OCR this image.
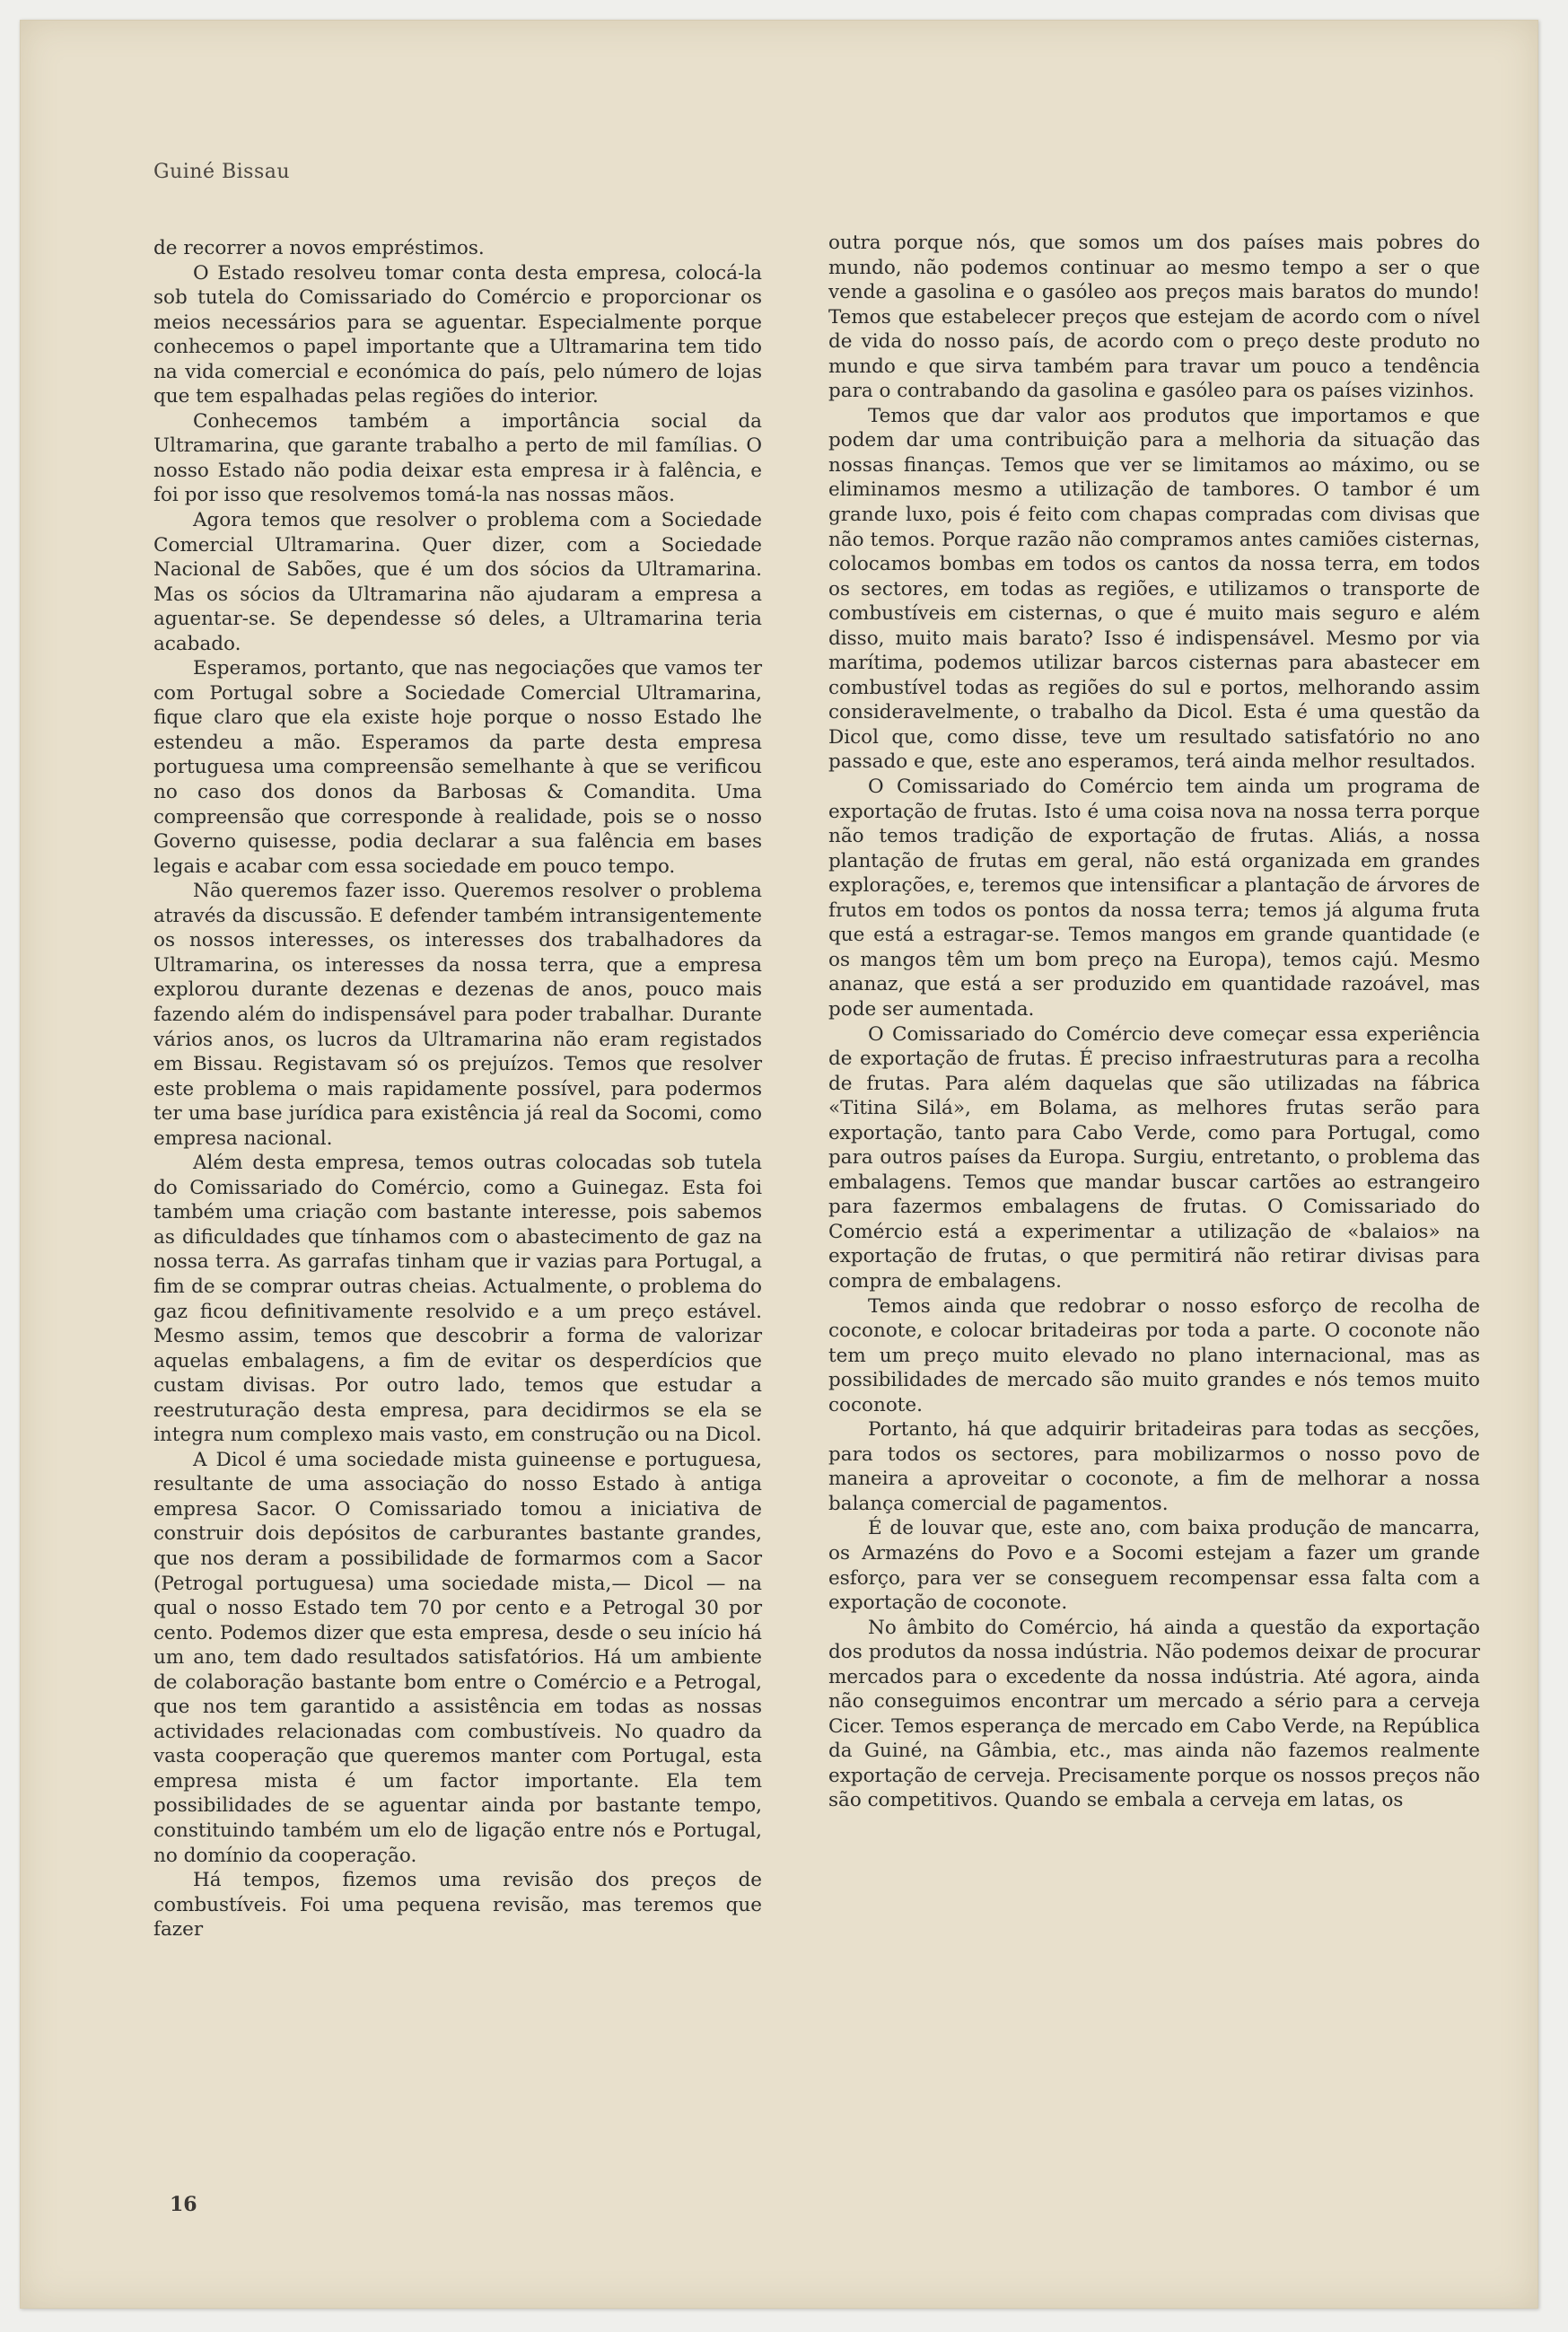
Guiné Bissau

de recorrer a novos empréstimos.

O Estado resolveu tomar conta desta empresa, colocá-la sob tutela do Comissariado do Comércio e proporcionar os meios necessários para se aguentar. Especialmente porque conhecemos o papel importante que a Ultramarina tem tido na vida comercial e económica do país, pelo número de lojas que tem espalhadas pelas regiões do interior.

Conhecemos também a importância social da Ultramarina, que garante trabalho a perto de mil famílias. O nosso Estado não podia deixar esta empresa ir à falência, e foi por isso que resolvemos tomá-la nas nossas mãos.

Agora temos que resolver o problema com a Sociedade Comercial Ultramarina. Quer dizer, com a Sociedade Nacional de Sabões, que é um dos sócios da Ultramarina. Mas os sócios da Ultramarina não ajudaram a empresa a aguentar-se. Se dependesse só deles, a Ultramarina teria acabado.

Esperamos, portanto, que nas negociações que vamos ter com Portugal sobre a Sociedade Comercial Ultramarina, fique claro que ela existe hoje porque o nosso Estado lhe estendeu a mão. Esperamos da parte desta empresa portuguesa uma compreensão semelhante à que se verificou no caso dos donos da Barbosas & Comandita. Uma compreensão que corresponde à realidade, pois se o nosso Governo quisesse, podia declarar a sua falência em bases legais e acabar com essa sociedade em pouco tempo.

Não queremos fazer isso. Queremos resolver o problema através da discussão. E defender também intransigentemente os nossos interesses, os interesses dos trabalhadores da Ultramarina, os interesses da nossa terra, que a empresa explorou durante dezenas e dezenas de anos, pouco mais fazendo além do indispensável para poder trabalhar. Durante vários anos, os lucros da Ultramarina não eram registados em Bissau. Registavam só os prejuízos. Temos que resolver este problema o mais rapidamente possível, para podermos ter uma base jurídica para existência já real da Socomi, como empresa nacional.

Além desta empresa, temos outras colocadas sob tutela do Comissariado do Comércio, como a Guinegaz. Esta foi também uma criação com bastante interesse, pois sabemos as dificuldades que tínhamos com o abastecimento de gaz na nossa terra. As garrafas tinham que ir vazias para Portugal, a fim de se comprar outras cheias. Actualmente, o problema do gaz ficou definitivamente resolvido e a um preço estável. Mesmo assim, temos que descobrir a forma de valorizar aquelas embalagens, a fim de evitar os desperdícios que custam divisas. Por outro lado, temos que estudar a reestruturação desta empresa, para decidirmos se ela se integra num complexo mais vasto, em construção ou na Dicol.

A Dicol é uma sociedade mista guineense e portuguesa, resultante de uma associação do nosso Estado à antiga empresa Sacor. O Comissariado tomou a iniciativa de construir dois depósitos de carburantes bastante grandes, que nos deram a possibilidade de formarmos com a Sacor (Petrogal portuguesa) uma sociedade mista,— Dicol — na qual o nosso Estado tem 70 por cento e a Petrogal 30 por cento. Podemos dizer que esta empresa, desde o seu início há um ano, tem dado resultados satisfatórios. Há um ambiente de colaboração bastante bom entre o Comércio e a Petrogal, que nos tem garantido a assistência em todas as nossas actividades relacionadas com combustíveis. No quadro da vasta cooperação que queremos manter com Portugal, esta empresa mista é um factor importante. Ela tem possibilidades de se aguentar ainda por bastante tempo, constituindo também um elo de ligação entre nós e Portugal, no domínio da cooperação.

Há tempos, fizemos uma revisão dos preços de combustíveis. Foi uma pequena revisão, mas teremos que fazer

outra porque nós, que somos um dos países mais pobres do mundo, não podemos continuar ao mesmo tempo a ser o que vende a gasolina e o gasóleo aos preços mais baratos do mundo! Temos que estabelecer preços que estejam de acordo com o nível de vida do nosso país, de acordo com o preço deste produto no mundo e que sirva também para travar um pouco a tendência para o contrabando da gasolina e gasóleo para os países vizinhos.

Temos que dar valor aos produtos que importamos e que podem dar uma contribuição para a melhoria da situação das nossas finanças. Temos que ver se limitamos ao máximo, ou se eliminamos mesmo a utilização de tambores. O tambor é um grande luxo, pois é feito com chapas compradas com divisas que não temos. Porque razão não compramos antes camiões cisternas, colocamos bombas em todos os cantos da nossa terra, em todos os sectores, em todas as regiões, e utilizamos o transporte de combustíveis em cisternas, o que é muito mais seguro e além disso, muito mais barato? Isso é indispensável. Mesmo por via marítima, podemos utilizar barcos cisternas para abastecer em combustível todas as regiões do sul e portos, melhorando assim consideravelmente, o trabalho da Dicol. Esta é uma questão da Dicol que, como disse, teve um resultado satisfatório no ano passado e que, este ano esperamos, terá ainda melhor resultados.

O Comissariado do Comércio tem ainda um programa de exportação de frutas. Isto é uma coisa nova na nossa terra porque não temos tradição de exportação de frutas. Aliás, a nossa plantação de frutas em geral, não está organizada em grandes explorações, e, teremos que intensificar a plantação de árvores de frutos em todos os pontos da nossa terra; temos já alguma fruta que está a estragar-se. Temos mangos em grande quantidade (e os mangos têm um bom preço na Europa), temos cajú. Mesmo ananaz, que está a ser produzido em quantidade razoável, mas pode ser aumentada.

O Comissariado do Comércio deve começar essa experiência de exportação de frutas. É preciso infraestruturas para a recolha de frutas. Para além daquelas que são utilizadas na fábrica «Titina Silá», em Bolama, as melhores frutas serão para exportação, tanto para Cabo Verde, como para Portugal, como para outros países da Europa. Surgiu, entretanto, o problema das embalagens. Temos que mandar buscar cartões ao estrangeiro para fazermos embalagens de frutas. O Comissariado do Comércio está a experimentar a utilização de «balaios» na exportação de frutas, o que permitirá não retirar divisas para compra de embalagens.

Temos ainda que redobrar o nosso esforço de recolha de coconote, e colocar britadeiras por toda a parte. O coconote não tem um preço muito elevado no plano internacional, mas as possibilidades de mercado são muito grandes e nós temos muito coconote.

Portanto, há que adquirir britadeiras para todas as secções, para todos os sectores, para mobilizarmos o nosso povo de maneira a aproveitar o coconote, a fim de melhorar a nossa balança comercial de pagamentos.

É de louvar que, este ano, com baixa produção de mancarra, os Armazéns do Povo e a Socomi estejam a fazer um grande esforço, para ver se conseguem recompensar essa falta com a exportação de coconote.

No âmbito do Comércio, há ainda a questão da exportação dos produtos da nossa indústria. Não podemos deixar de procurar mercados para o excedente da nossa indústria. Até agora, ainda não conseguimos encontrar um mercado a sério para a cerveja Cicer. Temos esperança de mercado em Cabo Verde, na República da Guiné, na Gâmbia, etc., mas ainda não fazemos realmente exportação de cerveja. Precisamente porque os nossos preços não são competitivos. Quando se embala a cerveja em latas, os

16
